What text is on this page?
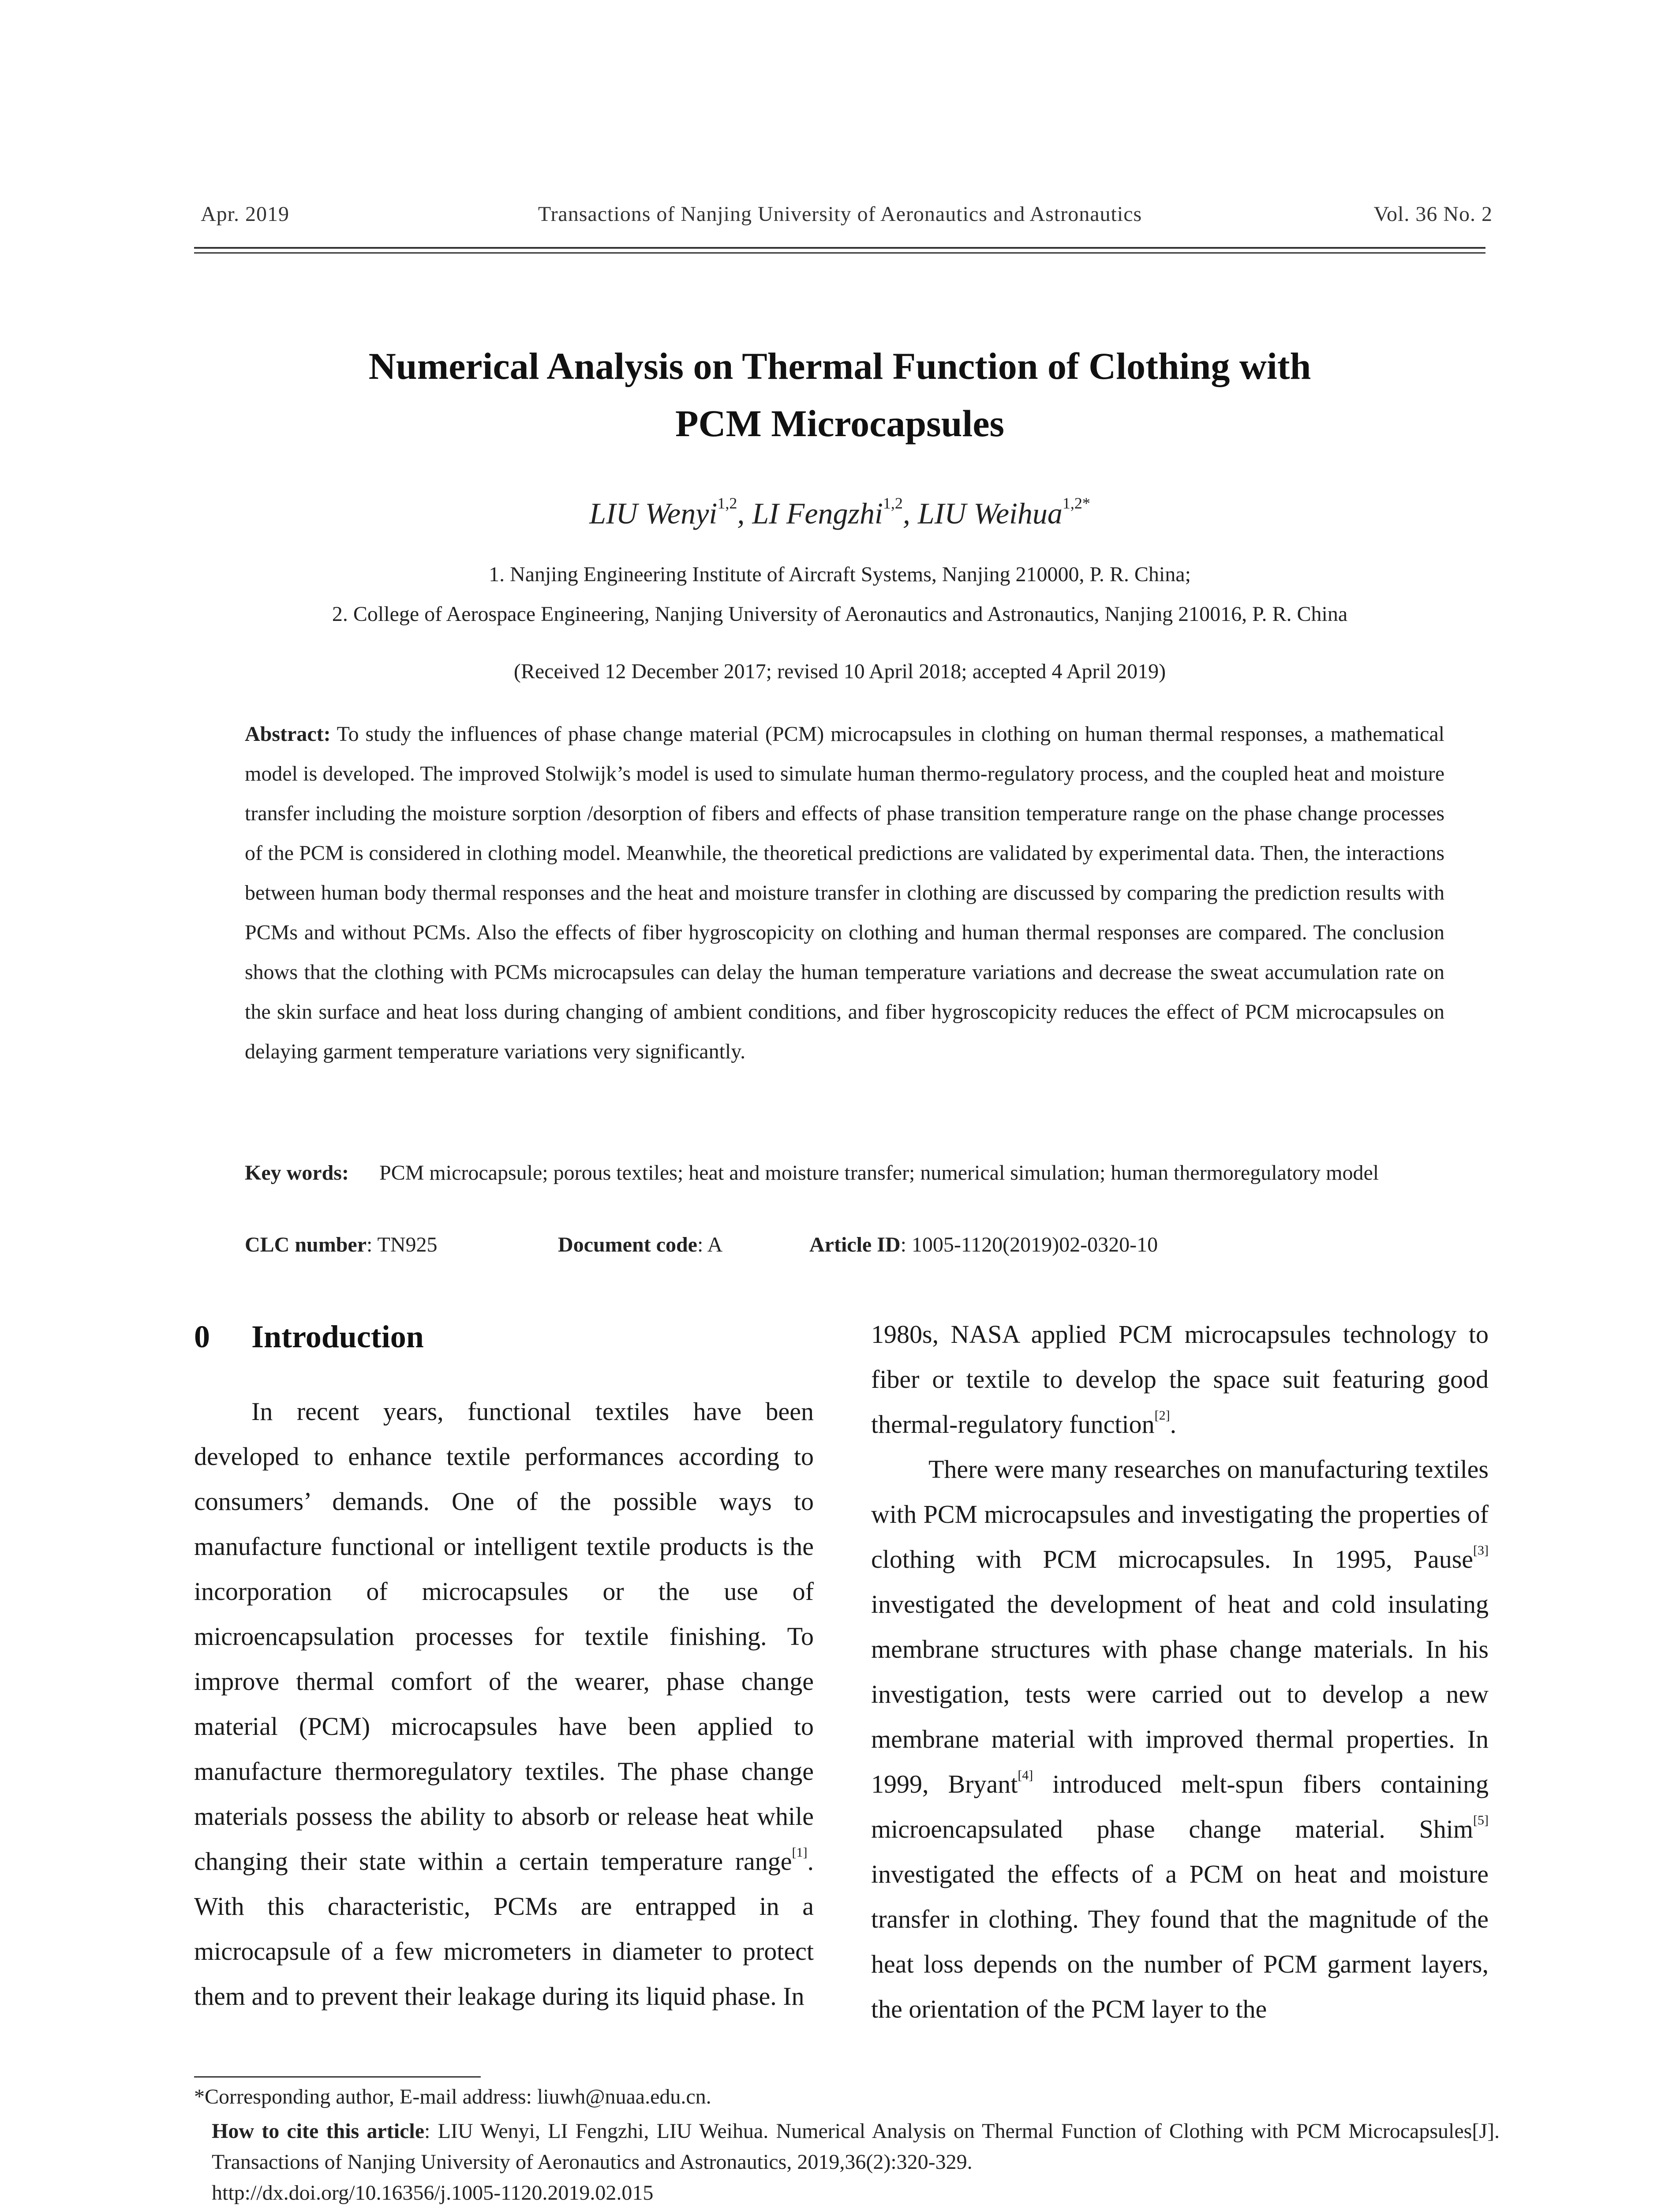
Apr. 2019	Transactions of Nanjing University of Aeronautics and Astronautics	Vol. 36 No. 2
Numerical Analysis on Thermal Function of Clothing with
PCM Microcapsules
LIU Wenyi$^{1,2}$, LI Fengzhi$^{1,2}$, LIU Weihua$^{1,2*}$
1. Nanjing Engineering Institute of Aircraft Systems, Nanjing 210000, P. R. China;
2. College of Aerospace Engineering, Nanjing University of Aeronautics and Astronautics, Nanjing 210016, P. R. China
(Received 12 December 2017; revised 10 April 2018; accepted 4 April 2019)
Abstract: To study the influences of phase change material (PCM) microcapsules in clothing on human thermal responses, a mathematical model is developed. The improved Stolwijk’s model is used to simulate human thermo-regulatory process, and the coupled heat and moisture transfer including the moisture sorption /desorption of fibers and effects of phase transition temperature range on the phase change processes of the PCM is considered in clothing model. Meanwhile, the theoretical predictions are validated by experimental data. Then, the interactions between human body thermal responses and the heat and moisture transfer in clothing are discussed by comparing the prediction results with PCMs and without PCMs. Also the effects of fiber hygroscopicity on clothing and human thermal responses are compared. The conclusion shows that the clothing with PCMs microcapsules can delay the human temperature variations and decrease the sweat accumulation rate on the skin surface and heat loss during changing of ambient conditions, and fiber hygroscopicity reduces the effect of PCM microcapsules on delaying garment temperature variations very significantly.
Key words: PCM microcapsule; porous textiles; heat and moisture transfer; numerical simulation; human thermoregulatory model
CLC number: TN925	Document code: A	Article ID: 1005-1120(2019)02-0320-10
0 Introduction

In recent years, functional textiles have been developed to enhance textile performances according to consumers’ demands. One of the possible ways to manufacture functional or intelligent textile products is the incorporation of microcapsules or the use of microencapsulation processes for textile finishing. To improve thermal comfort of the wearer, phase change material (PCM) microcapsules have been applied to manufacture thermoregulatory textiles. The phase change materials possess the ability to absorb or release heat while changing their state within a certain temperature range[1]. With this characteristic, PCMs are entrapped in a microcapsule of a few micrometers in diameter to protect them and to prevent their leakage during its liquid phase. In

1980s, NASA applied PCM microcapsules technology to fiber or textile to develop the space suit featuring good thermal-regulatory function[2].

There were many researches on manufacturing textiles with PCM microcapsules and investigating the properties of clothing with PCM microcapsules. In 1995, Pause[3] investigated the development of heat and cold insulating membrane structures with phase change materials. In his investigation, tests were carried out to develop a new membrane material with improved thermal properties. In 1999, Bryant[4] introduced melt-spun fibers containing microencapsulated phase change material. Shim[5] investigated the effects of a PCM on heat and moisture transfer in clothing. They found that the magnitude of the heat loss depends on the number of PCM garment layers, the orientation of the PCM layer to the

*Corresponding author, E-mail address: liuwh@nuaa.edu.cn.

How to cite this article: LIU Wenyi, LI Fengzhi, LIU Weihua. Numerical Analysis on Thermal Function of Clothing with PCM Microcapsules[J]. Transactions of Nanjing University of Aeronautics and Astronautics, 2019,36(2):320-329.

http://dx.doi.org/10.16356/j.1005-1120.2019.02.015
